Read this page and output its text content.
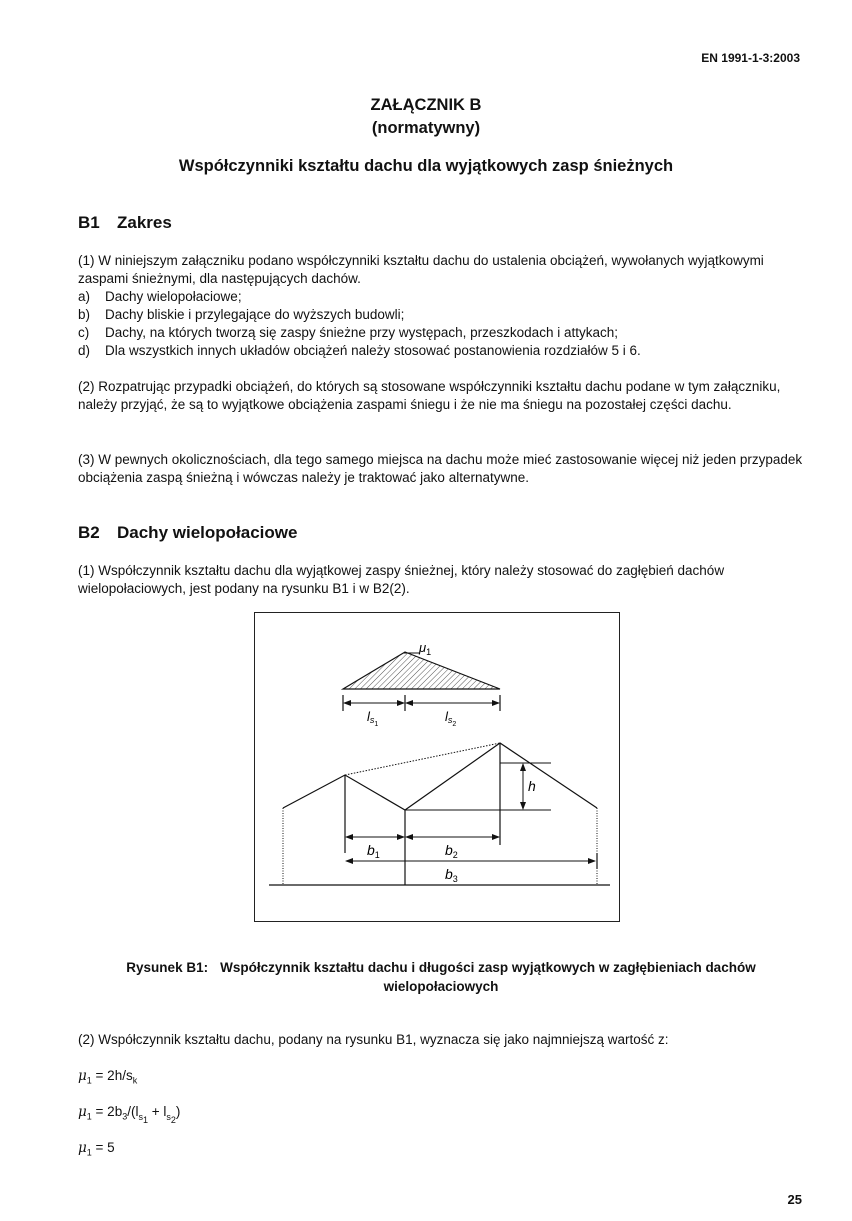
EN 1991-1-3:2003
ZAŁĄCZNIK B
(normatywny)
Współczynniki kształtu dachu dla wyjątkowych zasp śnieżnych
B1 Zakres
(1) W niniejszym załączniku podano współczynniki kształtu dachu do ustalenia obciążeń, wywołanych wyjątkowymi zaspami śnieżnymi, dla następujących dachów.
a) Dachy wielopołaciowe;
b) Dachy bliskie i przylegające do wyższych budowli;
c) Dachy, na których tworzą się zaspy śnieżne przy występach, przeszkodach i attykach;
d) Dla wszystkich innych układów obciążeń należy stosować postanowienia rozdziałów 5 i 6.
(2) Rozpatrując przypadki obciążeń, do których są stosowane współczynniki kształtu dachu podane w tym załączniku, należy przyjąć, że są to wyjątkowe obciążenia zaspami śniegu i że nie ma śniegu na pozostałej części dachu.
(3) W pewnych okolicznościach, dla tego samego miejsca na dachu może mieć zastosowanie więcej niż jeden przypadek obciążenia zaspą śnieżną i wówczas należy je traktować jako alternatywne.
B2 Dachy wielopołaciowe
(1) Współczynnik kształtu dachu dla wyjątkowej zaspy śnieżnej, który należy stosować do zagłębień dachów wielopołaciowych, jest podany na rysunku B1 i w B2(2).
$\mu_1$
$ls_1$
$ls_2$
h
$b_1$	$b_2$
$b_3$
Rysunek B1: Współczynnik kształtu dachu i długości zasp wyjątkowych w zagłębieniach dachów wielopołaciowych
(2) Współczynnik kształtu dachu, podany na rysunku B1, wyznacza się jako najmniejszą wartość z:
$\mu_1 = 2h/s_k$
$\mu_1 = 2b_3/(l_{s_1} + l_{s_2})$
$\mu_1 = 5$
25
